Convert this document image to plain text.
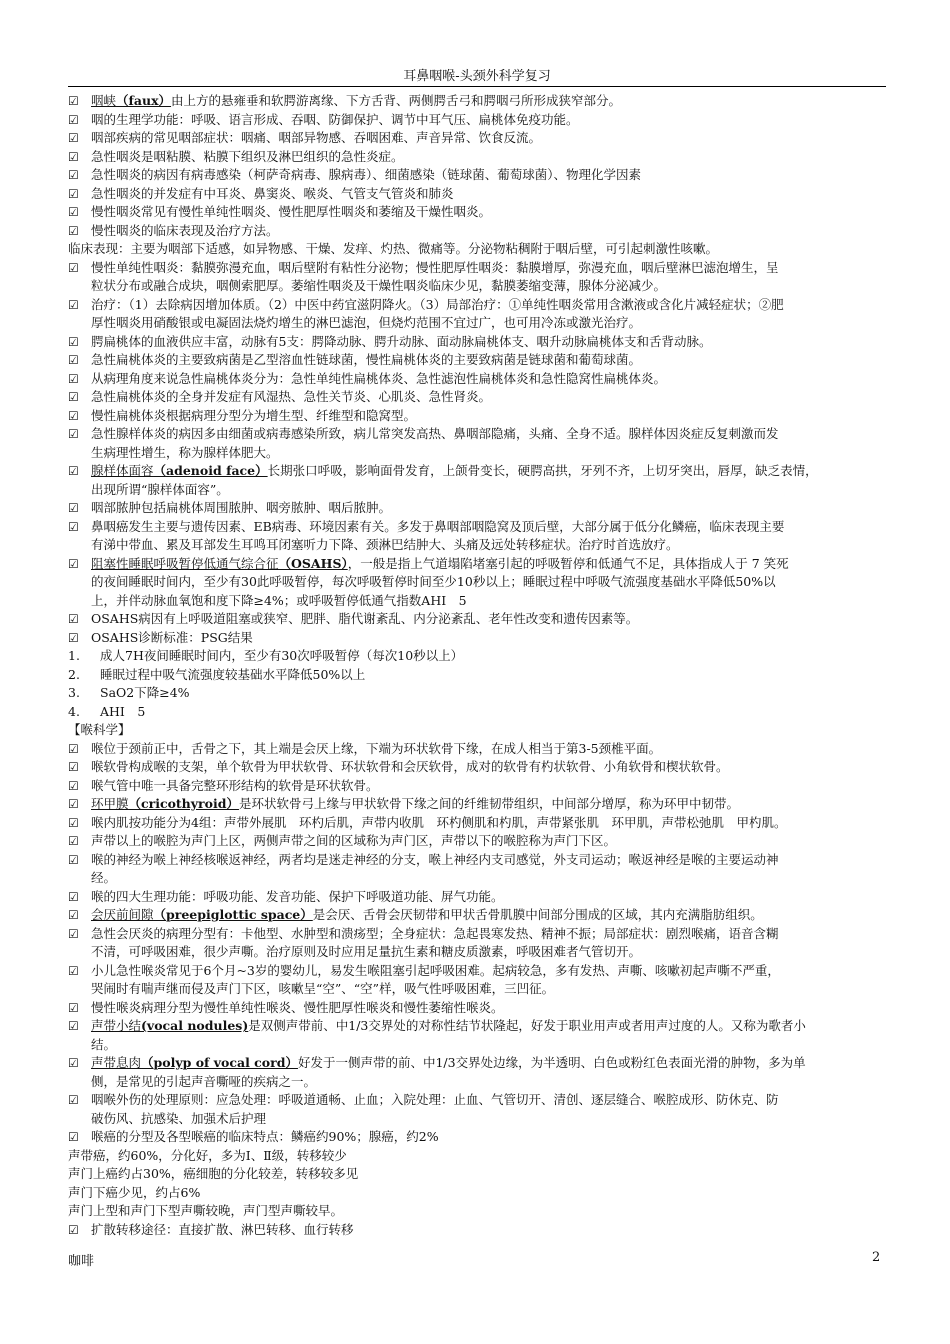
耳鼻咽喉-头颈外科学复习
☑ 咽峡（faux）由上方的悬雍垂和软腭游离缘、下方舌背、两侧腭舌弓和腭咽弓所形成狭窄部分。
☑ 咽的生理学功能：呼吸、语言形成、吞咽、防御保护、调节中耳气压、扁桃体免疫功能。
☑ 咽部疾病的常见咽部症状：咽痛、咽部异物感、吞咽困难、声音异常、饮食反流。
☑ 急性咽炎是咽粘膜、粘膜下组织及淋巴组织的急性炎症。
☑ 急性咽炎的病因有病毒感染（柯萨奇病毒、腺病毒）、细菌感染（链球菌、葡萄球菌）、物理化学因素
☑ 急性咽炎的并发症有中耳炎、鼻窦炎、喉炎、气管支气管炎和肺炎
☑ 慢性咽炎常见有慢性单纯性咽炎、慢性肥厚性咽炎和萎缩及干燥性咽炎。
☑ 慢性咽炎的临床表现及治疗方法。
临床表现：主要为咽部下适感，如异物感、干燥、发痒、灼热、微痛等。分泌物粘稠附于咽后壁，可引起刺激性咳嗽。
☑ 慢性单纯性咽炎：黏膜弥漫充血，咽后壁附有粘性分泌物；慢性肥厚性咽炎：黏膜增厚，弥漫充血，咽后壁淋巴滤泡增生，呈
粒状分布或融合成块，咽侧索肥厚。萎缩性咽炎及干燥性咽炎临床少见，黏膜萎缩变薄，腺体分泌减少。
☑ 治疗：（1）去除病因增加体质。（2）中医中药宜滋阴降火。（3）局部治疗：①单纯性咽炎常用含漱液或含化片减轻症状；②肥
厚性咽炎用硝酸银或电凝固法烧灼增生的淋巴滤泡，但烧灼范围不宜过广，也可用冷冻或激光治疗。
☑ 腭扁桃体的血液供应丰富，动脉有5支：腭降动脉、腭升动脉、面动脉扁桃体支、咽升动脉扁桃体支和舌背动脉。
☑ 急性扁桃体炎的主要致病菌是乙型溶血性链球菌，慢性扁桃体炎的主要致病菌是链球菌和葡萄球菌。
☑ 从病理角度来说急性扁桃体炎分为：急性单纯性扁桃体炎、急性滤泡性扁桃体炎和急性隐窝性扁桃体炎。
☑ 急性扁桃体炎的全身并发症有风湿热、急性关节炎、心肌炎、急性肾炎。
☑ 慢性扁桃体炎根据病理分型分为增生型、纤维型和隐窝型。
☑ 急性腺样体炎的病因多由细菌或病毒感染所致，病儿常突发高热、鼻咽部隐痛，头痛、全身不适。腺样体因炎症反复刺激而发
生病理性增生，称为腺样体肥大。
☑ 腺样体面容（adenoid face）长期张口呼吸，影响面骨发育，上颌骨变长，硬腭高拱，牙列不齐，上切牙突出，唇厚，缺乏表情，
出现所谓“腺样体面容”。
☑ 咽部脓肿包括扁桃体周围脓肿、咽旁脓肿、咽后脓肿。
☑ 鼻咽癌发生主要与遗传因素、EB病毒、环境因素有关。多发于鼻咽部咽隐窝及顶后壁，大部分属于低分化鳞癌，临床表现主要
有涕中带血、累及耳部发生耳鸣耳闭塞听力下降、颈淋巴结肿大、头痛及远处转移症状。治疗时首选放疗。
☑ 阻塞性睡眠呼吸暂停低通气综合征（OSAHS），一般是指上气道塌陷堵塞引起的呼吸暂停和低通气不足，具体指成人于 7 笑死
的夜间睡眠时间内，至少有30此呼吸暂停，每次呼吸暂停时间至少10秒以上；睡眠过程中呼吸气流强度基础水平降低50%以
上，并伴动脉血氧饱和度下降≥4%；或呼吸暂停低通气指数AHI　5
☑ OSAHS病因有上呼吸道阻塞或狭窄、肥胖、脂代谢紊乱、内分泌紊乱、老年性改变和遗传因素等。
☑ OSAHS诊断标准：PSG结果
1. 成人7H夜间睡眠时间内，至少有30次呼吸暂停（每次10秒以上）
2. 睡眠过程中吸气流强度较基础水平降低50%以上
3. SaO2下降≥4%
4. AHI　5
【喉科学】
☑ 喉位于颈前正中，舌骨之下，其上端是会厌上缘，下端为环状软骨下缘，在成人相当于第3-5颈椎平面。
☑ 喉软骨构成喉的支架，单个软骨为甲状软骨、环状软骨和会厌软骨，成对的软骨有杓状软骨、小角软骨和楔状软骨。
☑ 喉气管中唯一具备完整环形结构的软骨是环状软骨。
☑ 环甲膜（cricothyroid）是环状软骨弓上缘与甲状软骨下缘之间的纤维韧带组织，中间部分增厚，称为环甲中韧带。
☑ 喉内肌按功能分为4组：声带外展肌　环杓后肌，声带内收肌　环杓侧肌和杓肌，声带紧张肌　环甲肌，声带松弛肌　甲杓肌。
☑ 声带以上的喉腔为声门上区，两侧声带之间的区域称为声门区，声带以下的喉腔称为声门下区。
☑ 喉的神经为喉上神经核喉返神经，两者均是迷走神经的分支，喉上神经内支司感觉，外支司运动；喉返神经是喉的主要运动神
经。
☑ 喉的四大生理功能：呼吸功能、发音功能、保护下呼吸道功能、屏气功能。
☑ 会厌前间隙（preepiglottic space）是会厌、舌骨会厌韧带和甲状舌骨肌膜中间部分围成的区域，其内充满脂肪组织。
☑ 急性会厌炎的病理分型有：卡他型、水肿型和溃疡型；全身症状：急起畏寒发热、精神不振；局部症状：剧烈喉痛，语音含糊
不清，可呼吸困难，很少声嘶。治疗原则及时应用足量抗生素和糖皮质激素，呼吸困难者气管切开。
☑ 小儿急性喉炎常见于6个月~3岁的婴幼儿，易发生喉阻塞引起呼吸困难。起病较急，多有发热、声嘶、咳嗽初起声嘶不严重，
哭闹时有喘声继而侵及声门下区，咳嗽呈“空”、“空”样，吸气性呼吸困难，三凹征。
☑ 慢性喉炎病理分型为慢性单纯性喉炎、慢性肥厚性喉炎和慢性萎缩性喉炎。
☑ 声带小结(vocal nodules)是双侧声带前、中1/3交界处的对称性结节状隆起，好发于职业用声或者用声过度的人。又称为歌者小
结。
☑ 声带息肉（polyp of vocal cord）好发于一侧声带的前、中1/3交界处边缘，为半透明、白色或粉红色表面光滑的肿物，多为单
侧，是常见的引起声音嘶哑的疾病之一。
☑ 咽喉外伤的处理原则：应急处理：呼吸道通畅、止血；入院处理：止血、气管切开、清创、逐层缝合、喉腔成形、防休克、防
破伤风、抗感染、加强术后护理
☑ 喉癌的分型及各型喉癌的临床特点：鳞癌约90%；腺癌，约2%
声带癌，约60%，分化好，多为Ⅰ、Ⅱ级，转移较少
声门上癌约占30%，癌细胞的分化较差，转移较多见
声门下癌少见，约占6%
声门上型和声门下型声嘶较晚，声门型声嘶较早。
☑ 扩散转移途径：直接扩散、淋巴转移、血行转移
咖啡	2
